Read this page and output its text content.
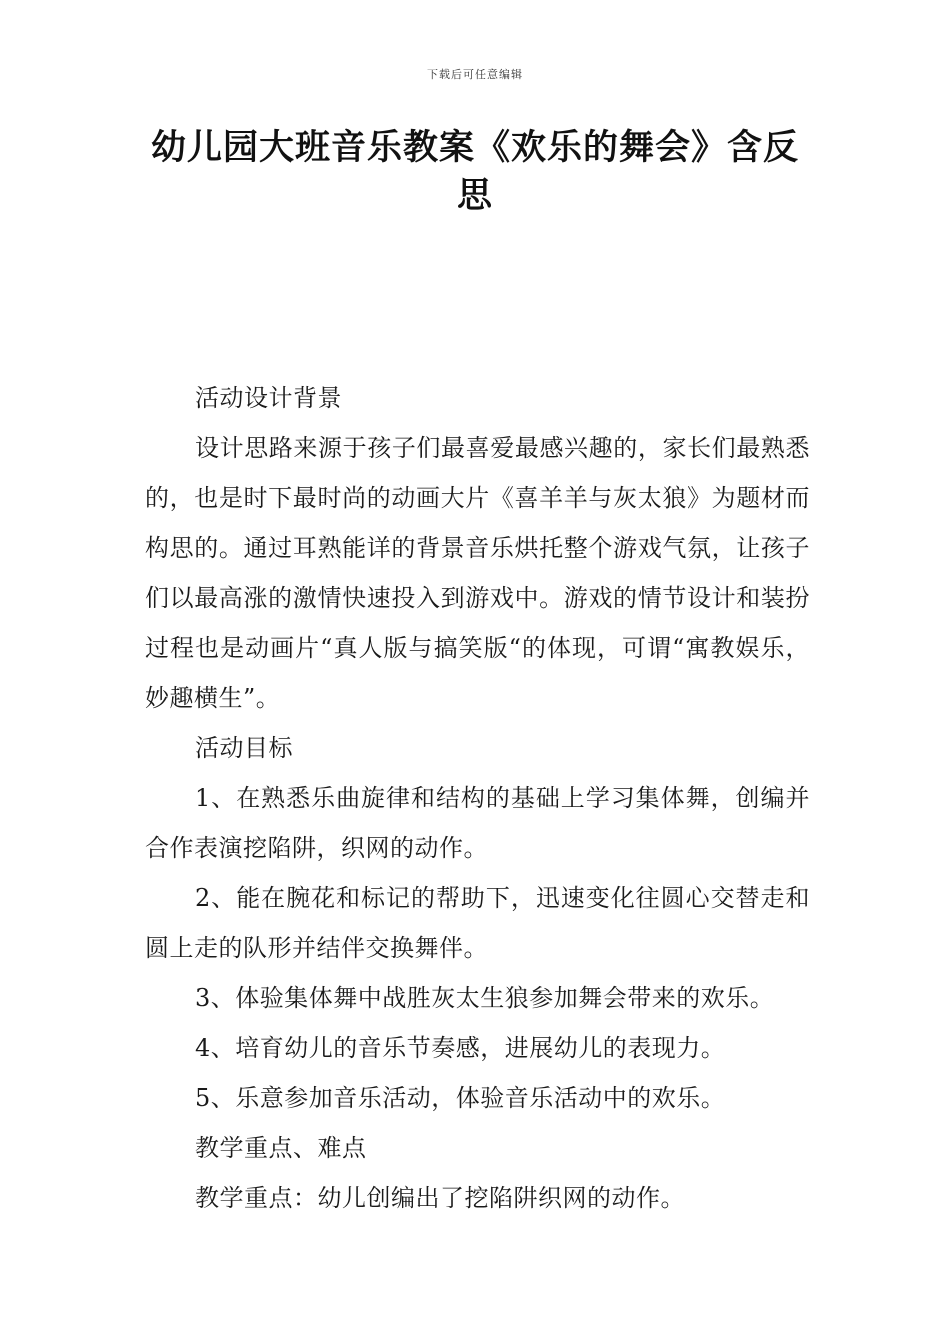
下载后可任意编辑
幼儿园大班音乐教案《欢乐的舞会》含反思

活动设计背景

设计思路来源于孩子们最喜爱最感兴趣的，家长们最熟悉的，也是时下最时尚的动画大片《喜羊羊与灰太狼》为题材而构思的。通过耳熟能详的背景音乐烘托整个游戏气氛，让孩子们以最高涨的激情快速投入到游戏中。游戏的情节设计和装扮过程也是动画片“真人版与搞笑版“的体现，可谓“寓教娱乐，妙趣横生”。

活动目标

1、在熟悉乐曲旋律和结构的基础上学习集体舞，创编并合作表演挖陷阱，织网的动作。

2、能在腕花和标记的帮助下，迅速变化往圆心交替走和圆上走的队形并结伴交换舞伴。

3、体验集体舞中战胜灰太生狼参加舞会带来的欢乐。

4、培育幼儿的音乐节奏感，进展幼儿的表现力。

5、乐意参加音乐活动，体验音乐活动中的欢乐。

教学重点、难点

教学重点：幼儿创编出了挖陷阱织网的动作。
